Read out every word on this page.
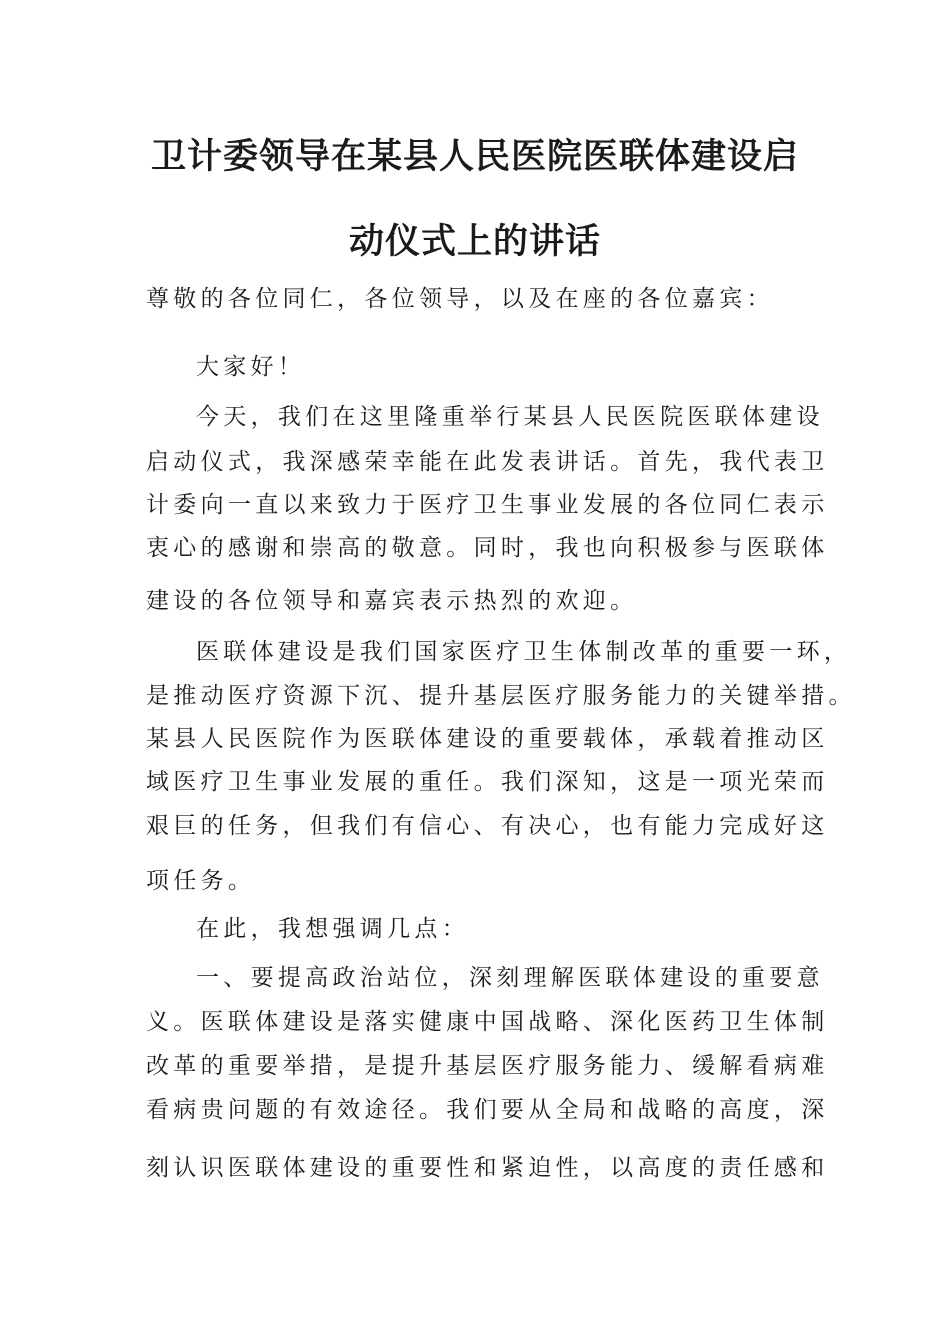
卫计委领导在某县人民医院医联体建设启
动仪式上的讲话
尊敬的各位同仁，各位领导，以及在座的各位嘉宾：
大家好！
今天，我们在这里隆重举行某县人民医院医联体建设
启动仪式，我深感荣幸能在此发表讲话。首先，我代表卫
计委向一直以来致力于医疗卫生事业发展的各位同仁表示
衷心的感谢和崇高的敬意。同时，我也向积极参与医联体
建设的各位领导和嘉宾表示热烈的欢迎。
医联体建设是我们国家医疗卫生体制改革的重要一环，
是推动医疗资源下沉、提升基层医疗服务能力的关键举措。
某县人民医院作为医联体建设的重要载体，承载着推动区
域医疗卫生事业发展的重任。我们深知，这是一项光荣而
艰巨的任务，但我们有信心、有决心，也有能力完成好这
项任务。
在此，我想强调几点：
一、要提高政治站位，深刻理解医联体建设的重要意
义。医联体建设是落实健康中国战略、深化医药卫生体制
改革的重要举措，是提升基层医疗服务能力、缓解看病难
看病贵问题的有效途径。我们要从全局和战略的高度，深
刻认识医联体建设的重要性和紧迫性，以高度的责任感和
